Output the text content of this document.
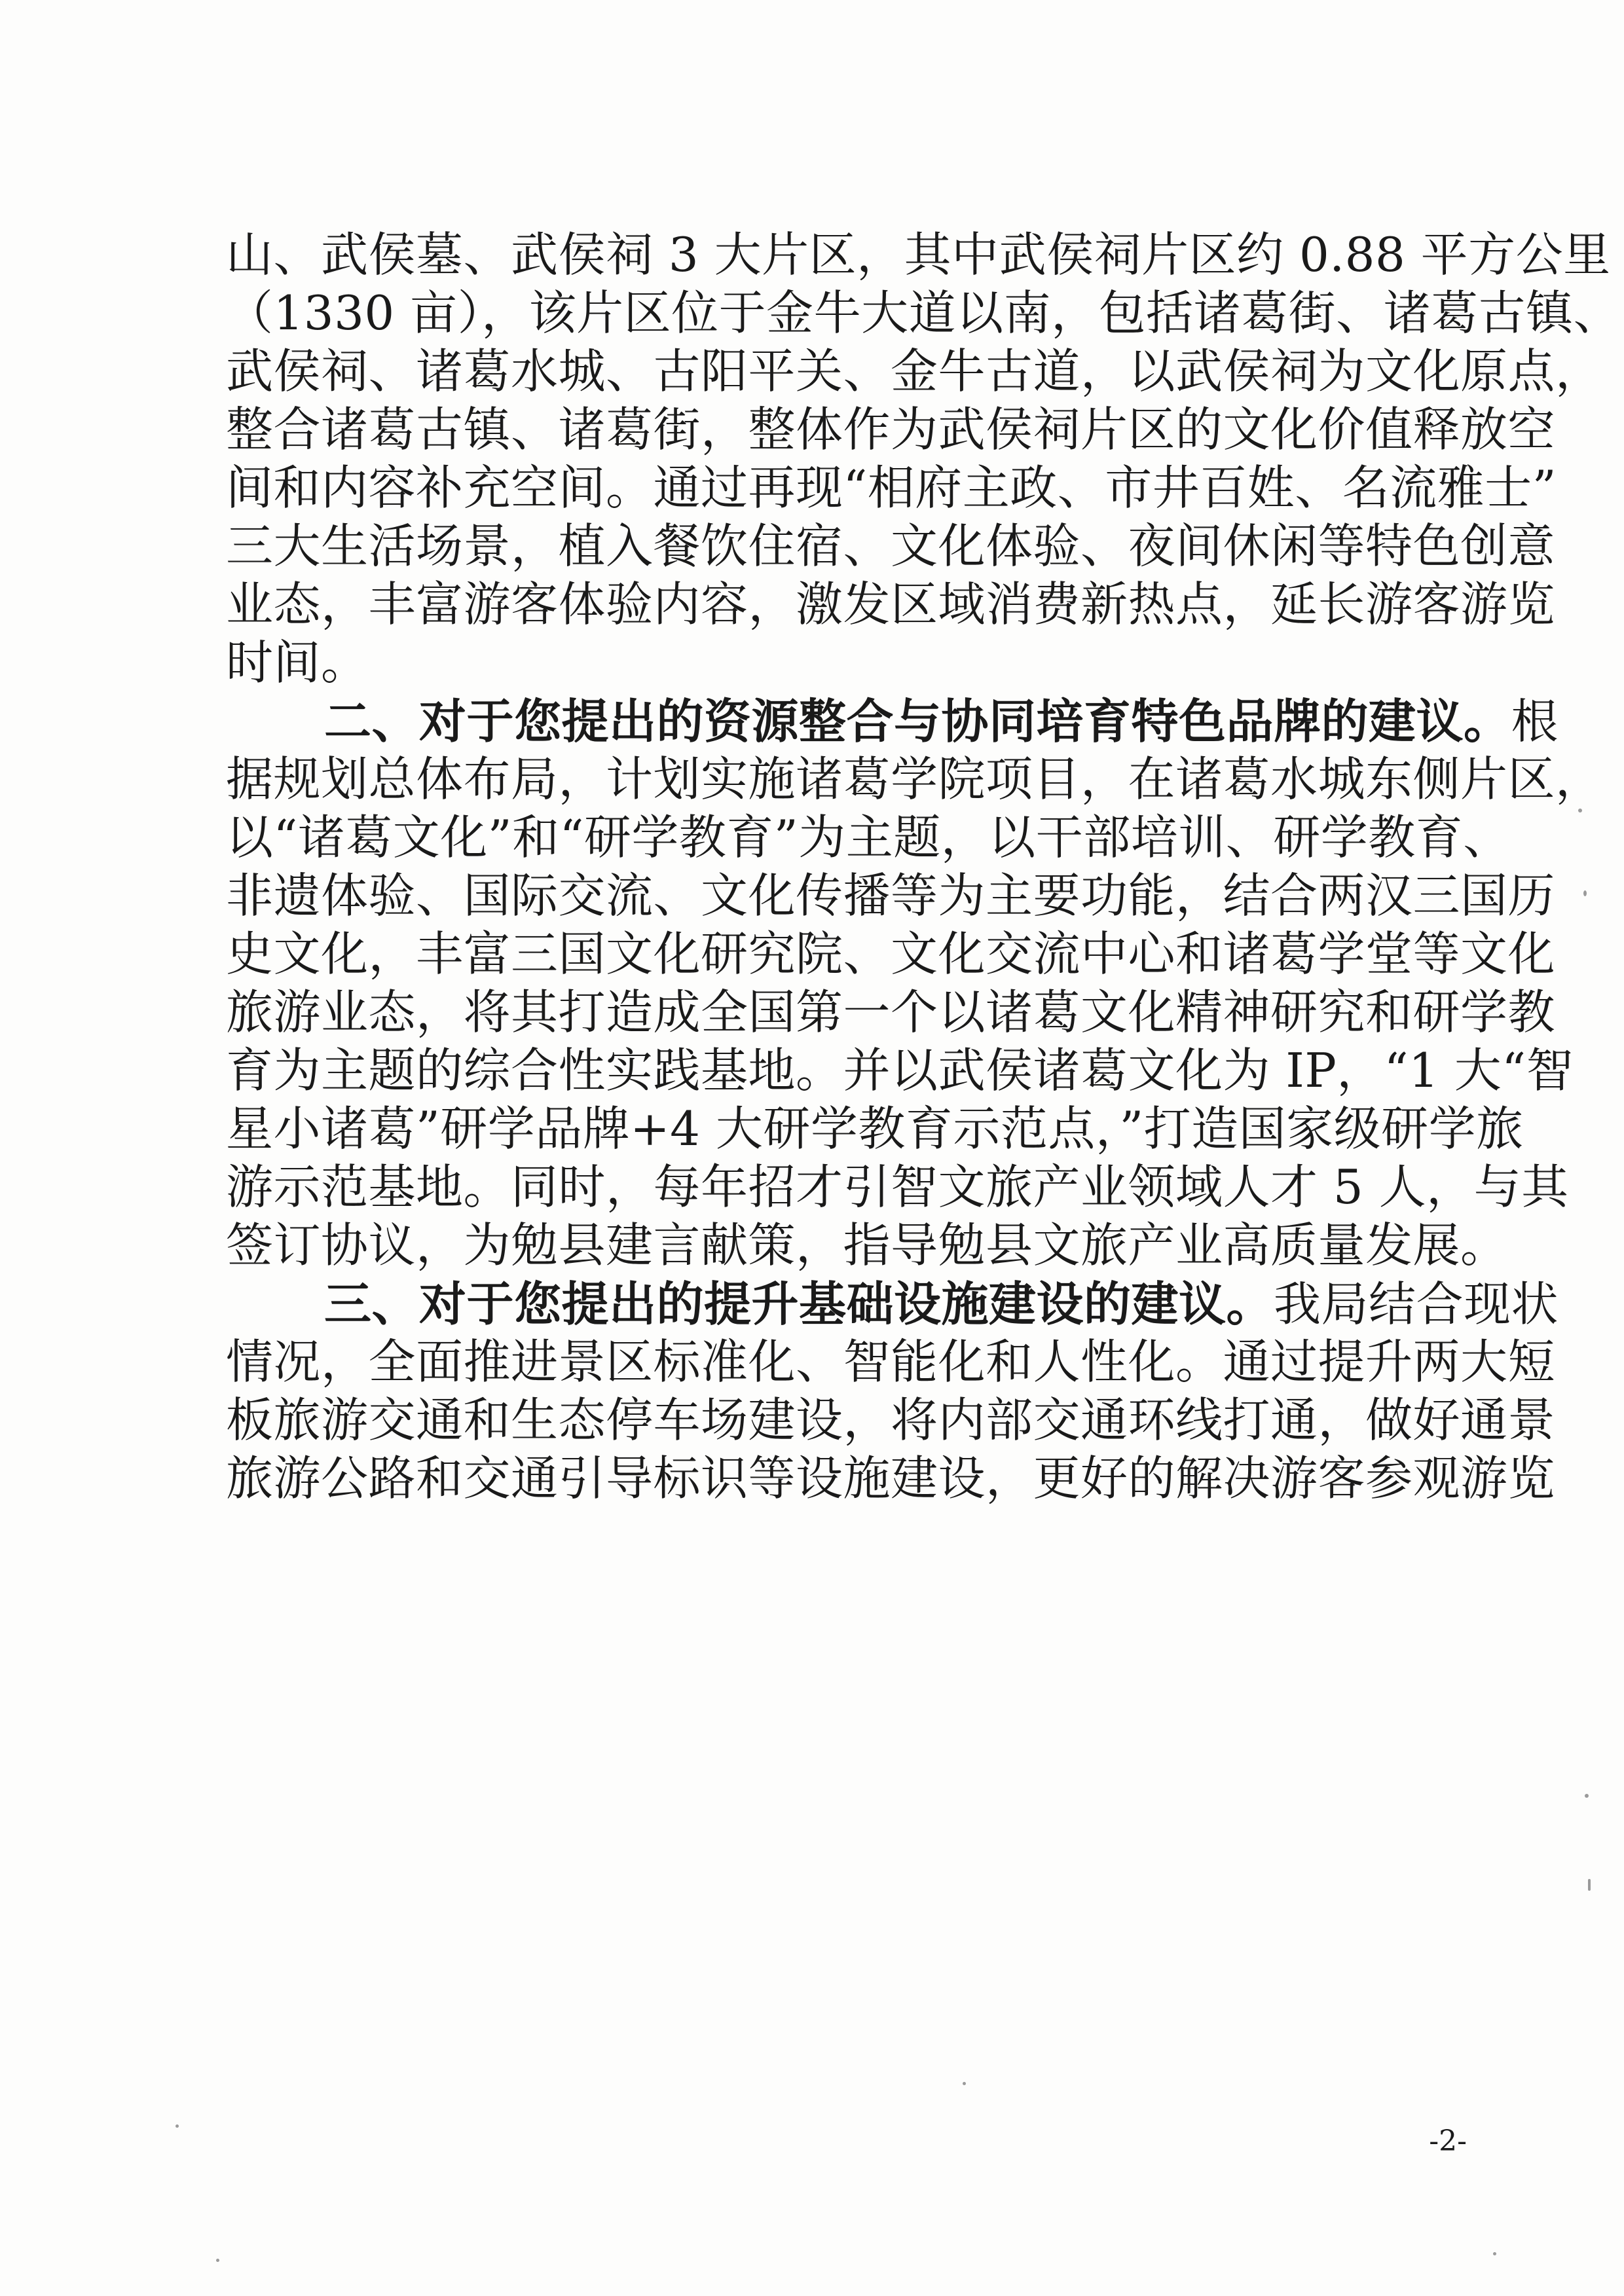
山、武侯墓、武侯祠 3 大片区，其中武侯祠片区约 0.88 平方公里
（1330 亩），该片区位于金牛大道以南，包括诸葛街、诸葛古镇、
武侯祠、诸葛水城、古阳平关、金牛古道，以武侯祠为文化原点，
整合诸葛古镇、诸葛街，整体作为武侯祠片区的文化价值释放空
间和内容补充空间。通过再现“相府主政、市井百姓、名流雅士”
三大生活场景，植入餐饮住宿、文化体验、夜间休闲等特色创意
业态，丰富游客体验内容，激发区域消费新热点，延长游客游览
时间。
二、对于您提出的资源整合与协同培育特色品牌的建议。根
据规划总体布局，计划实施诸葛学院项目，在诸葛水城东侧片区，
以“诸葛文化”和“研学教育”为主题，以干部培训、研学教育、
非遗体验、国际交流、文化传播等为主要功能，结合两汉三国历
史文化，丰富三国文化研究院、文化交流中心和诸葛学堂等文化
旅游业态，将其打造成全国第一个以诸葛文化精神研究和研学教
育为主题的综合性实践基地。并以武侯诸葛文化为 IP，“1 大“智
星小诸葛”研学品牌+4 大研学教育示范点，”打造国家级研学旅
游示范基地。同时，每年招才引智文旅产业领域人才 5 人，与其
签订协议，为勉县建言献策，指导勉县文旅产业高质量发展。
三、对于您提出的提升基础设施建设的建议。我局结合现状
情况，全面推进景区标准化、智能化和人性化。通过提升两大短
板旅游交通和生态停车场建设，将内部交通环线打通，做好通景
旅游公路和交通引导标识等设施建设，更好的解决游客参观游览
-2-
